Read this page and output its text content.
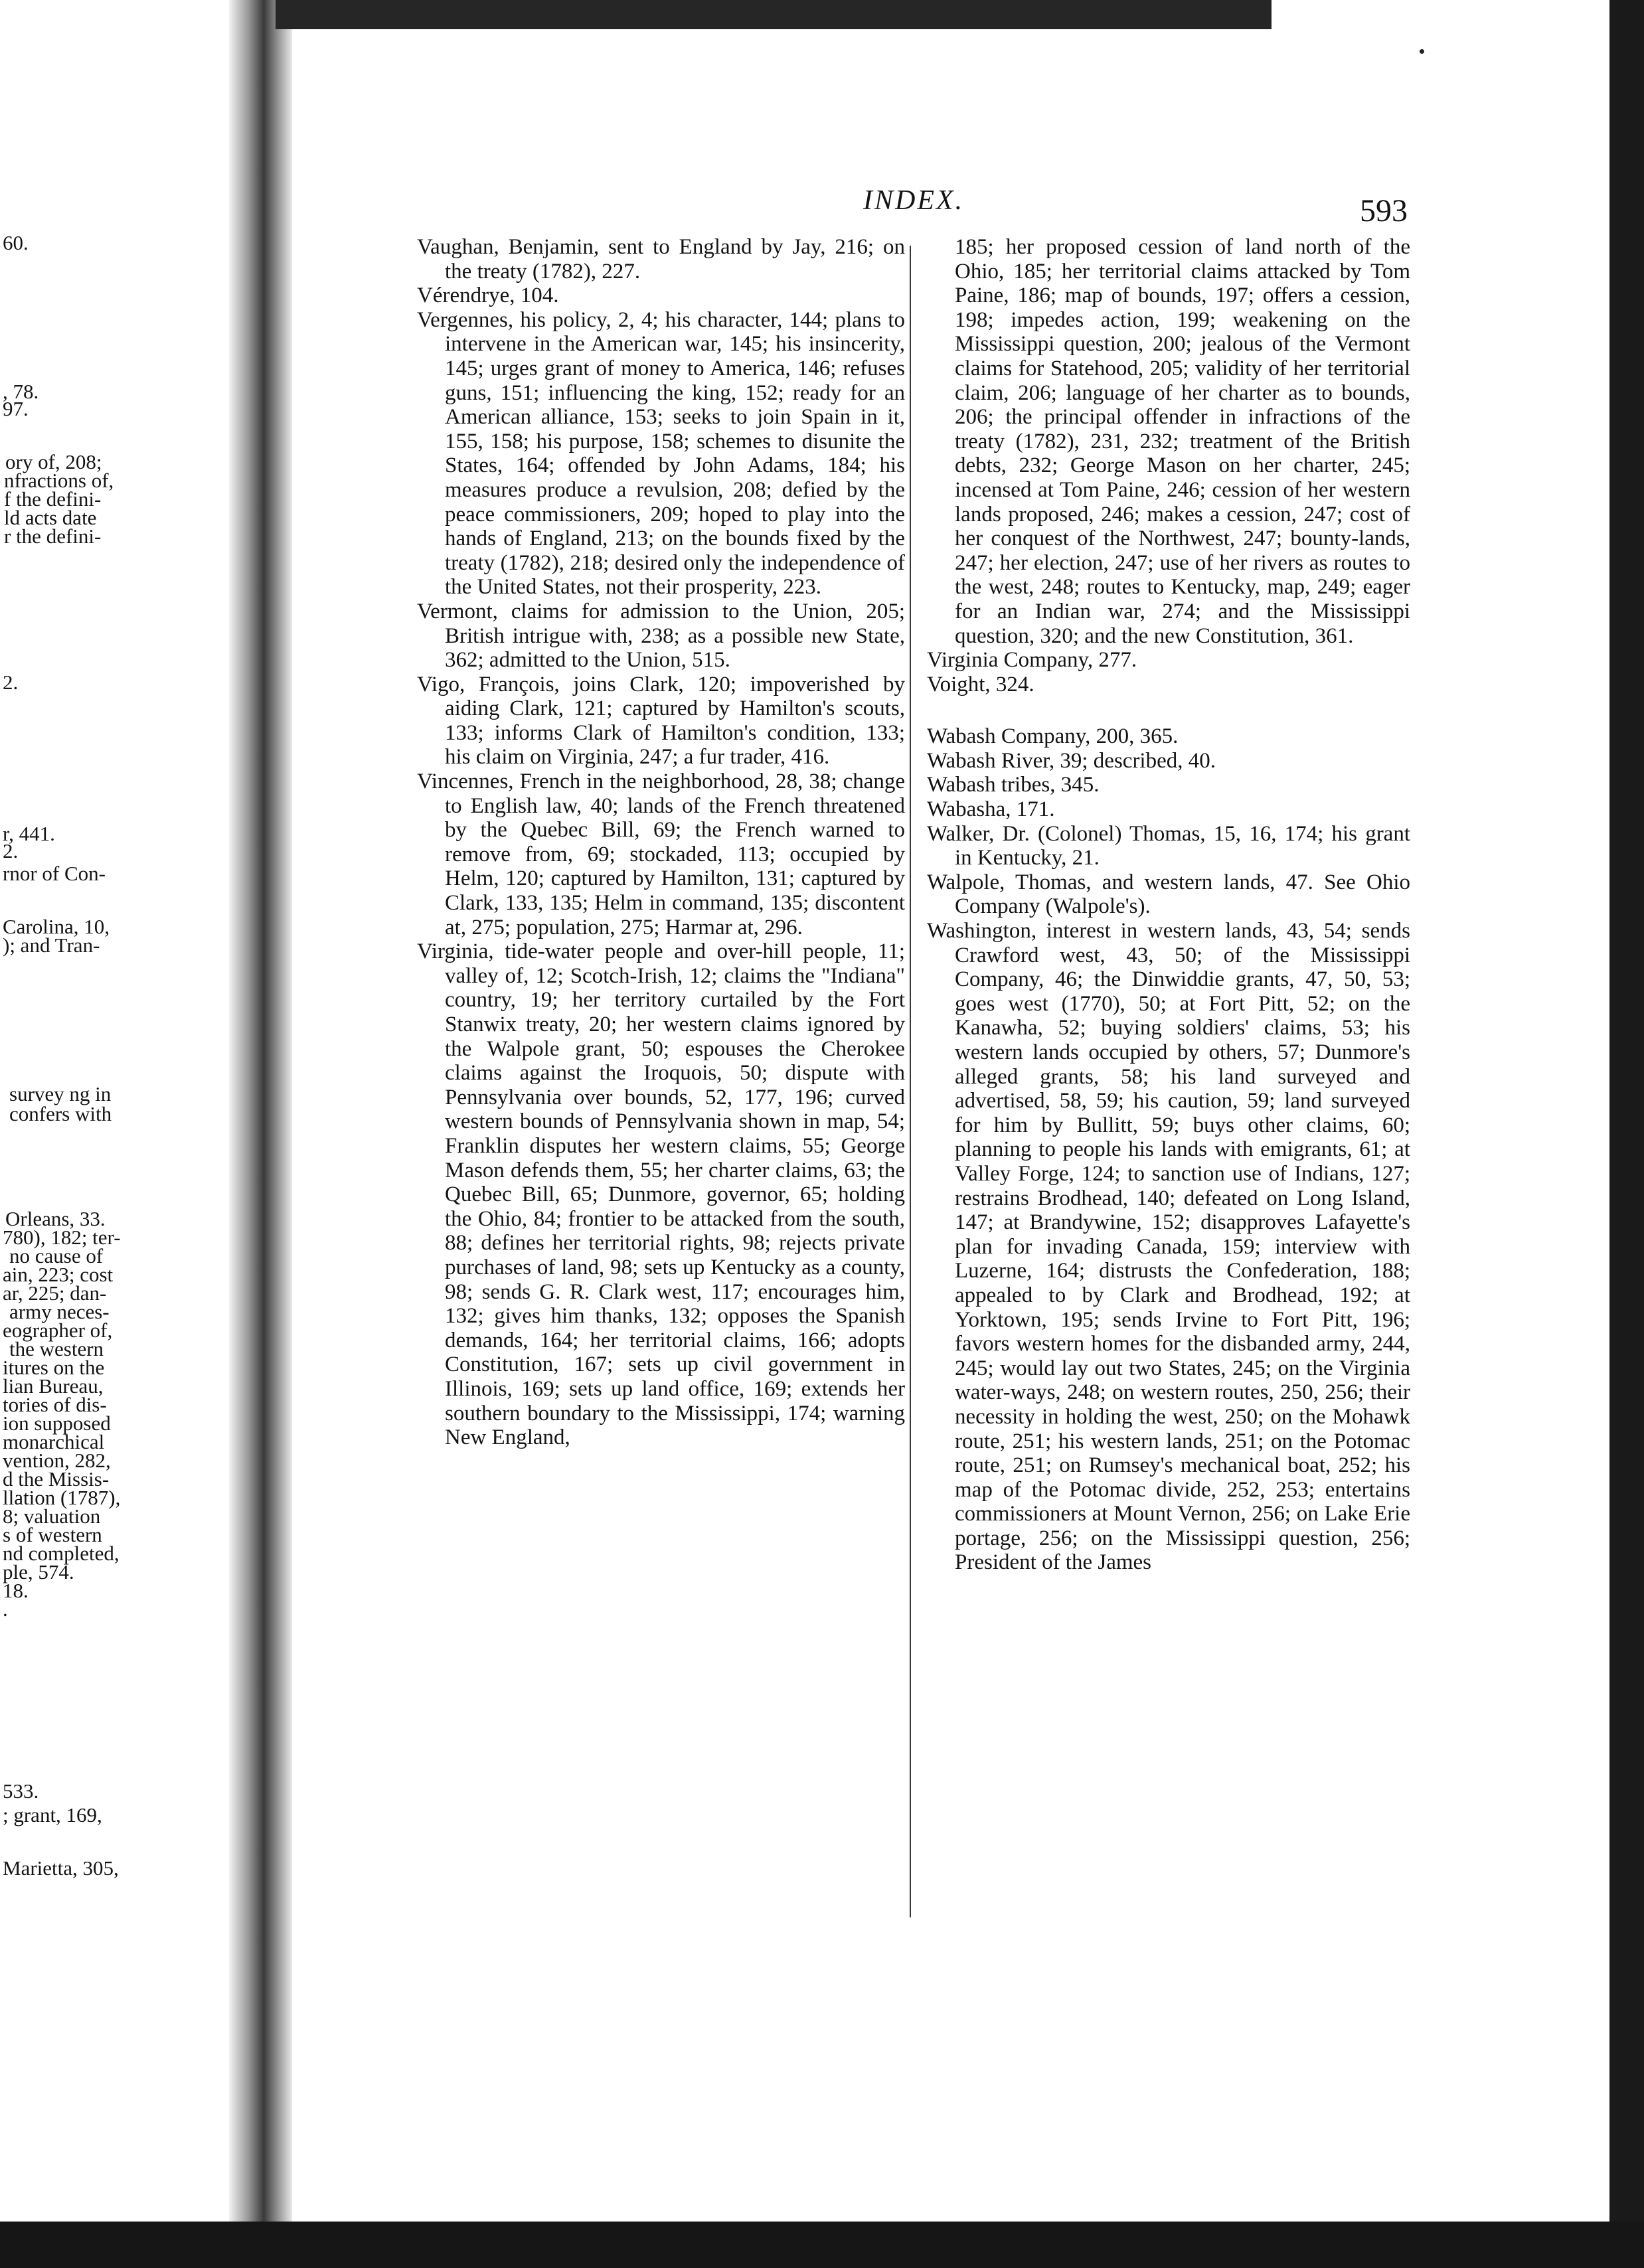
60.
, 78.
97.
ory of, 208;
nfractions of,
f the defini-
ld acts date
r the defini-
2.
r, 441.
2.
rnor of Con-
Carolina, 10,
); and Tran-
survey ng in
confers with
Orleans, 33.
780), 182; ter-
no cause of
ain, 223; cost
ar, 225; dan-
army neces-
eographer of,
the western
itures on the
lian Bureau,
tories of dis-
ion supposed
monarchical
vention, 282,
d the Missis-
llation (1787),
8; valuation
s of western
nd completed,
ple, 574.
18.
.
533.
; grant, 169,
Marietta, 305,
INDEX.	593

Vaughan, Benjamin, sent to England by Jay, 216; on the treaty (1782), 227.

Vérendrye, 104.

Vergennes, his policy, 2, 4; his character, 144; plans to intervene in the American war, 145; his insincerity, 145; urges grant of money to America, 146; refuses guns, 151; influencing the king, 152; ready for an American alliance, 153; seeks to join Spain in it, 155, 158; his purpose, 158; schemes to disunite the States, 164; offended by John Adams, 184; his measures produce a revulsion, 208; defied by the peace commissioners, 209; hoped to play into the hands of England, 213; on the bounds fixed by the treaty (1782), 218; desired only the independence of the United States, not their prosperity, 223.

Vermont, claims for admission to the Union, 205; British intrigue with, 238; as a possible new State, 362; admitted to the Union, 515.

Vigo, François, joins Clark, 120; impoverished by aiding Clark, 121; captured by Hamilton's scouts, 133; informs Clark of Hamilton's condition, 133; his claim on Virginia, 247; a fur trader, 416.

Vincennes, French in the neighborhood, 28, 38; change to English law, 40; lands of the French threatened by the Quebec Bill, 69; the French warned to remove from, 69; stockaded, 113; occupied by Helm, 120; captured by Hamilton, 131; captured by Clark, 133, 135; Helm in command, 135; discontent at, 275; population, 275; Harmar at, 296.

Virginia, tide-water people and over-hill people, 11; valley of, 12; Scotch-Irish, 12; claims the "Indiana" country, 19; her territory curtailed by the Fort Stanwix treaty, 20; her western claims ignored by the Walpole grant, 50; espouses the Cherokee claims against the Iroquois, 50; dispute with Pennsylvania over bounds, 52, 177, 196; curved western bounds of Pennsylvania shown in map, 54; Franklin disputes her western claims, 55; George Mason defends them, 55; her charter claims, 63; the Quebec Bill, 65; Dunmore, governor, 65; holding the Ohio, 84; frontier to be attacked from the south, 88; defines her territorial rights, 98; rejects private purchases of land, 98; sets up Kentucky as a county, 98; sends G. R. Clark west, 117; encourages him, 132; gives him thanks, 132; opposes the Spanish demands, 164; her territorial claims, 166; adopts Constitution, 167; sets up civil government in Illinois, 169; sets up land office, 169; extends her southern boundary to the Mississippi, 174; warning New England,

185; her proposed cession of land north of the Ohio, 185; her territorial claims attacked by Tom Paine, 186; map of bounds, 197; offers a cession, 198; impedes action, 199; weakening on the Mississippi question, 200; jealous of the Vermont claims for Statehood, 205; validity of her territorial claim, 206; language of her charter as to bounds, 206; the principal offender in infractions of the treaty (1782), 231, 232; treatment of the British debts, 232; George Mason on her charter, 245; incensed at Tom Paine, 246; cession of her western lands proposed, 246; makes a cession, 247; cost of her conquest of the Northwest, 247; bounty-lands, 247; her election, 247; use of her rivers as routes to the west, 248; routes to Kentucky, map, 249; eager for an Indian war, 274; and the Mississippi question, 320; and the new Constitution, 361.

Virginia Company, 277.

Voight, 324.

Wabash Company, 200, 365.

Wabash River, 39; described, 40.

Wabash tribes, 345.

Wabasha, 171.

Walker, Dr. (Colonel) Thomas, 15, 16, 174; his grant in Kentucky, 21.

Walpole, Thomas, and western lands, 47. See Ohio Company (Walpole's).

Washington, interest in western lands, 43, 54; sends Crawford west, 43, 50; of the Mississippi Company, 46; the Dinwiddie grants, 47, 50, 53; goes west (1770), 50; at Fort Pitt, 52; on the Kanawha, 52; buying soldiers' claims, 53; his western lands occupied by others, 57; Dunmore's alleged grants, 58; his land surveyed and advertised, 58, 59; his caution, 59; land surveyed for him by Bullitt, 59; buys other claims, 60; planning to people his lands with emigrants, 61; at Valley Forge, 124; to sanction use of Indians, 127; restrains Brodhead, 140; defeated on Long Island, 147; at Brandywine, 152; disapproves Lafayette's plan for invading Canada, 159; interview with Luzerne, 164; distrusts the Confederation, 188; appealed to by Clark and Brodhead, 192; at Yorktown, 195; sends Irvine to Fort Pitt, 196; favors western homes for the disbanded army, 244, 245; would lay out two States, 245; on the Virginia water-ways, 248; on western routes, 250, 256; their necessity in holding the west, 250; on the Mohawk route, 251; his western lands, 251; on the Potomac route, 251; on Rumsey's mechanical boat, 252; his map of the Potomac divide, 252, 253; entertains commissioners at Mount Vernon, 256; on Lake Erie portage, 256; on the Mississippi question, 256; President of the James
